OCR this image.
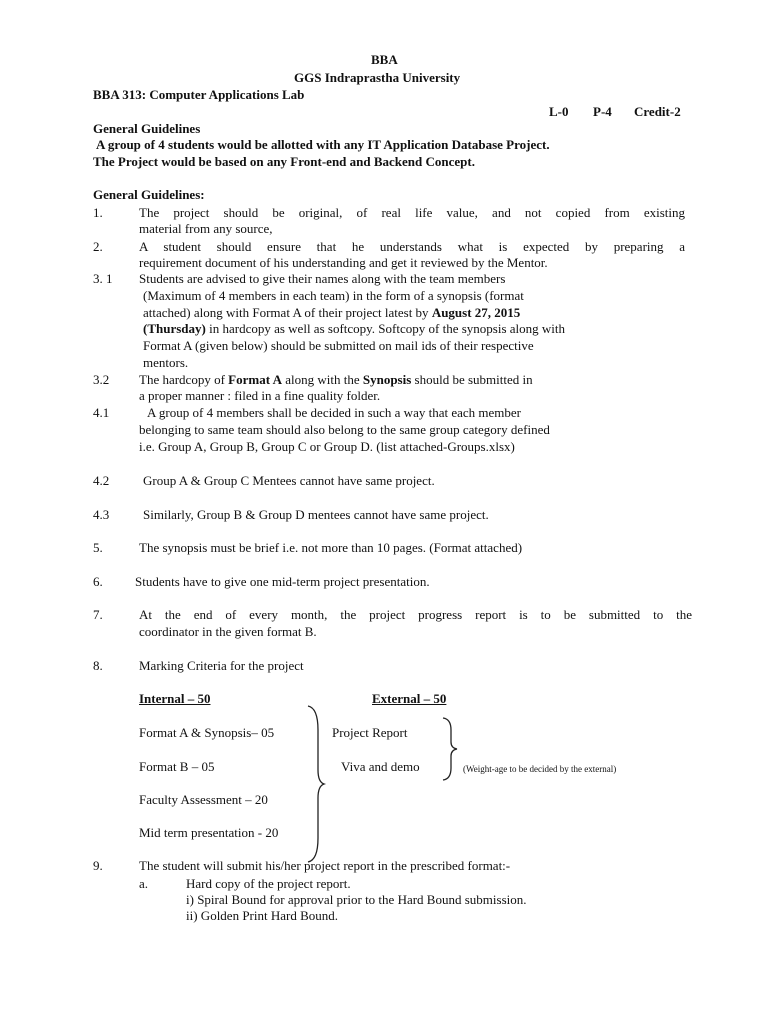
BBA
GGS Indraprastha University
BBA 313: Computer Applications Lab
L-0 P-4 Credit-2
General Guidelines
A group of 4 students would be allotted with any IT Application Database Project.
The Project would be based on any Front-end and Backend Concept.
General Guidelines:
1.	The project should be original, of real life value, and not copied from existing
material from any source,
2.	A student should ensure that he understands what is expected by preparing a
requirement document of his understanding and get it reviewed by the Mentor.
3. 1 Students are advised to give their names along with the team members
(Maximum of 4 members in each team) in the form of a synopsis (format
attached) along with Format A of their project latest by August 27, 2015
(Thursday) in hardcopy as well as softcopy. Softcopy of the synopsis along with
Format A (given below) should be submitted on mail ids of their respective
mentors.
3.2 The hardcopy of Format A along with the Synopsis should be submitted in
a proper manner : filed in a fine quality folder.
4.1	A group of 4 members shall be decided in such a way that each member
belonging to same team should also belong to the same group category defined
i.e. Group A, Group B, Group C or Group D. (list attached-Groups.xlsx)
4.2	Group A & Group C Mentees cannot have same project.
4.3	Similarly, Group B & Group D mentees cannot have same project.
5.	The synopsis must be brief i.e. not more than 10 pages. (Format attached)
6. Students have to give one mid-term project presentation.
7.	At the end of every month, the project progress report is to be submitted to the
coordinator in the given format B.
8.	Marking Criteria for the project
Internal – 50	External – 50
Format A & Synopsis– 05
Format B – 05
Faculty Assessment – 20
Mid term presentation - 20
Project Report
Viva and demo	(Weight-age to be decided by the external)
9.	The student will submit his/her project report in the prescribed format:-
a.	Hard copy of the project report.
i) Spiral Bound for approval prior to the Hard Bound submission.
ii) Golden Print Hard Bound.
